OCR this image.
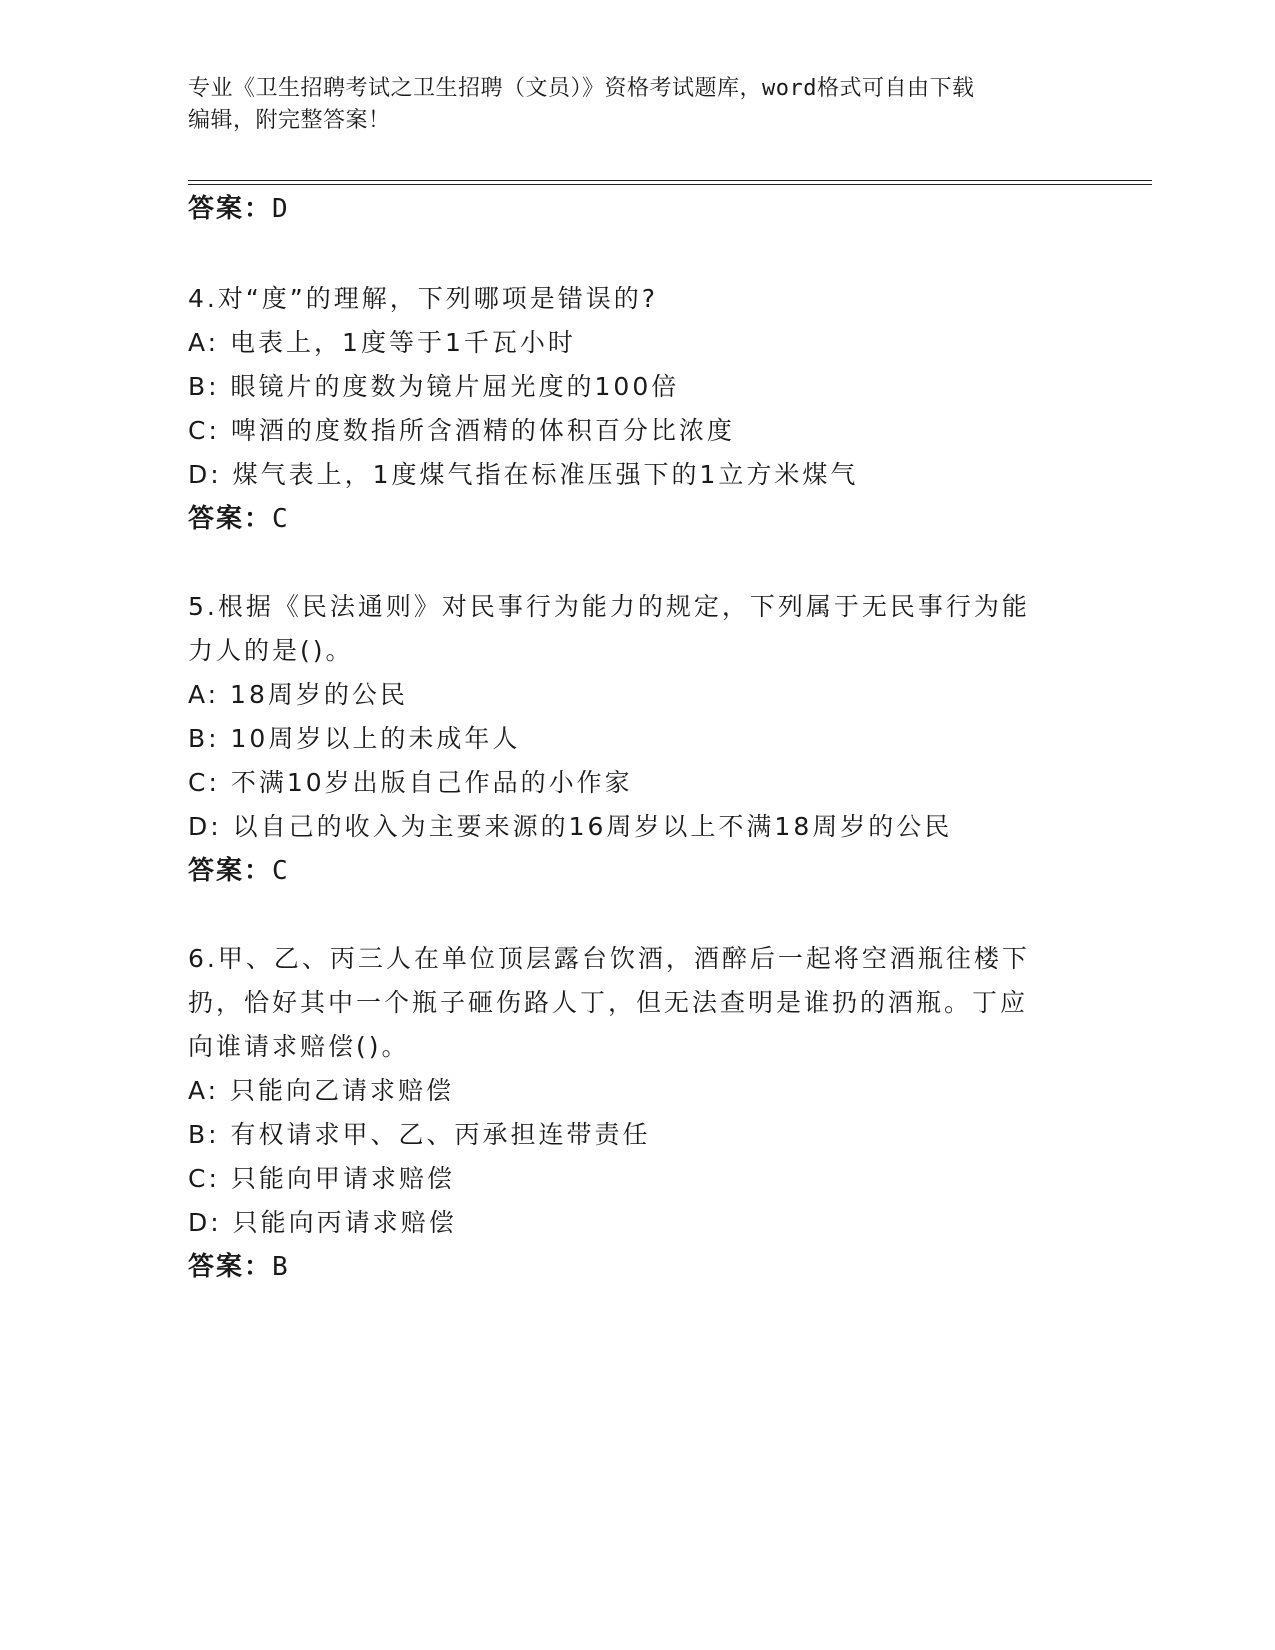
专业《卫生招聘考试之卫生招聘（文员）》资格考试题库，word格式可自由下载
编辑，附完整答案！
答案：D
4.对“度”的理解，下列哪项是错误的?
A: 电表上，1度等于1千瓦小时
B: 眼镜片的度数为镜片屈光度的100倍
C: 啤酒的度数指所含酒精的体积百分比浓度
D: 煤气表上，1度煤气指在标准压强下的1立方米煤气
答案：C
5.根据《民法通则》对民事行为能力的规定，下列属于无民事行为能
力人的是()。
A: 18周岁的公民
B: 10周岁以上的未成年人
C: 不满10岁出版自己作品的小作家
D: 以自己的收入为主要来源的16周岁以上不满18周岁的公民
答案：C
6.甲、乙、丙三人在单位顶层露台饮酒，酒醉后一起将空酒瓶往楼下
扔，恰好其中一个瓶子砸伤路人丁，但无法查明是谁扔的酒瓶。丁应
向谁请求赔偿()。
A: 只能向乙请求赔偿
B: 有权请求甲、乙、丙承担连带责任
C: 只能向甲请求赔偿
D: 只能向丙请求赔偿
答案：B
